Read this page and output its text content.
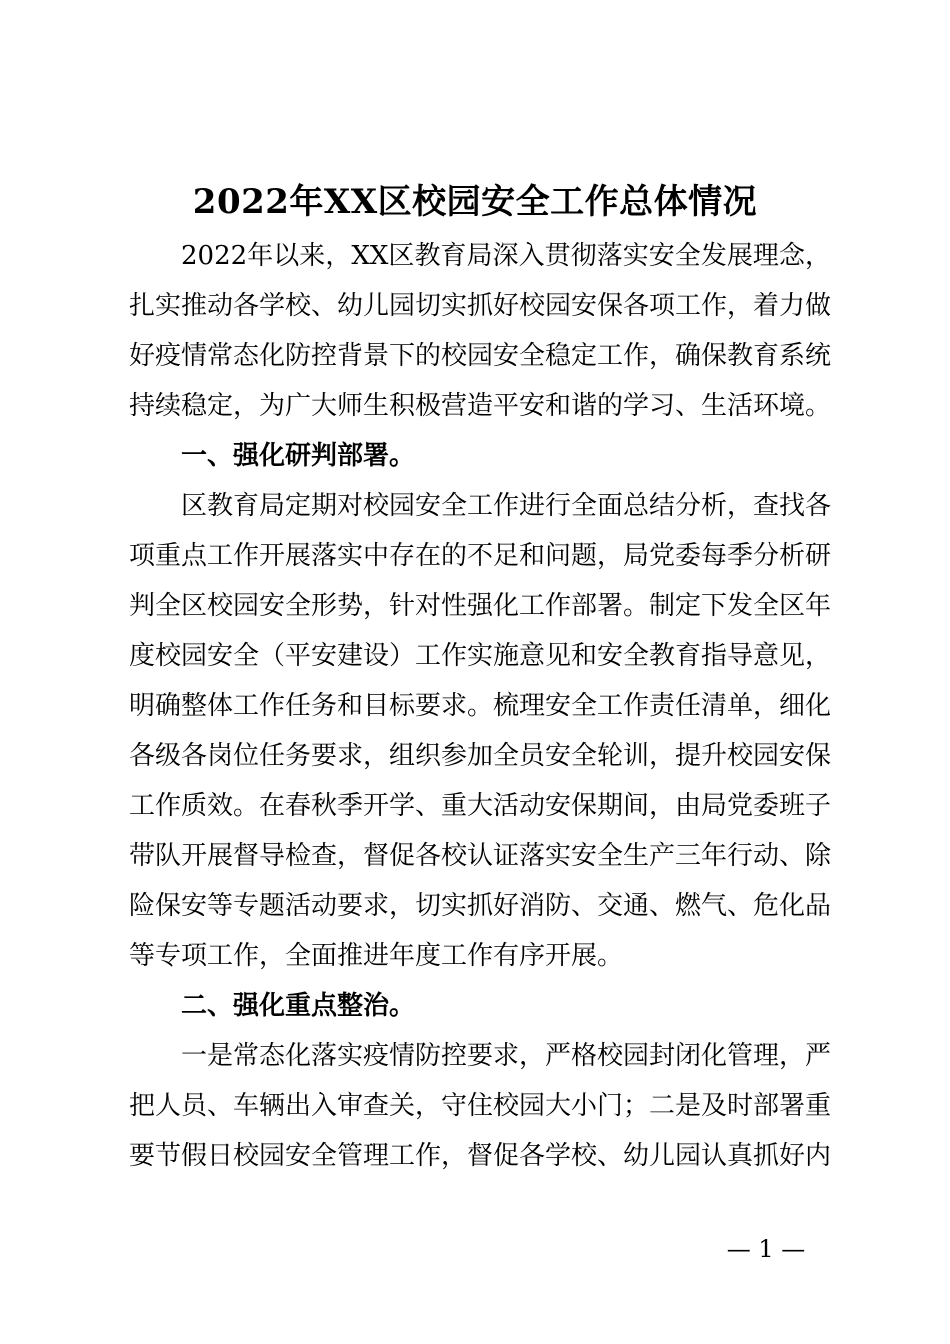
2022年XX区校园安全工作总体情况

2022年以来，XX区教育局深入贯彻落实安全发展理念，扎实推动各学校、幼儿园切实抓好校园安保各项工作，着力做好疫情常态化防控背景下的校园安全稳定工作，确保教育系统持续稳定，为广大师生积极营造平安和谐的学习、生活环境。

一、强化研判部署。

区教育局定期对校园安全工作进行全面总结分析，查找各项重点工作开展落实中存在的不足和问题，局党委每季分析研判全区校园安全形势，针对性强化工作部署。制定下发全区年度校园安全（平安建设）工作实施意见和安全教育指导意见，明确整体工作任务和目标要求。梳理安全工作责任清单，细化各级各岗位任务要求，组织参加全员安全轮训，提升校园安保工作质效。在春秋季开学、重大活动安保期间，由局党委班子带队开展督导检查，督促各校认证落实安全生产三年行动、除险保安等专题活动要求，切实抓好消防、交通、燃气、危化品等专项工作，全面推进年度工作有序开展。

二、强化重点整治。

一是常态化落实疫情防控要求，严格校园封闭化管理，严把人员、车辆出入审查关，守住校园大小门；二是及时部署重要节假日校园安全管理工作，督促各学校、幼儿园认真抓好内

— 1 —
